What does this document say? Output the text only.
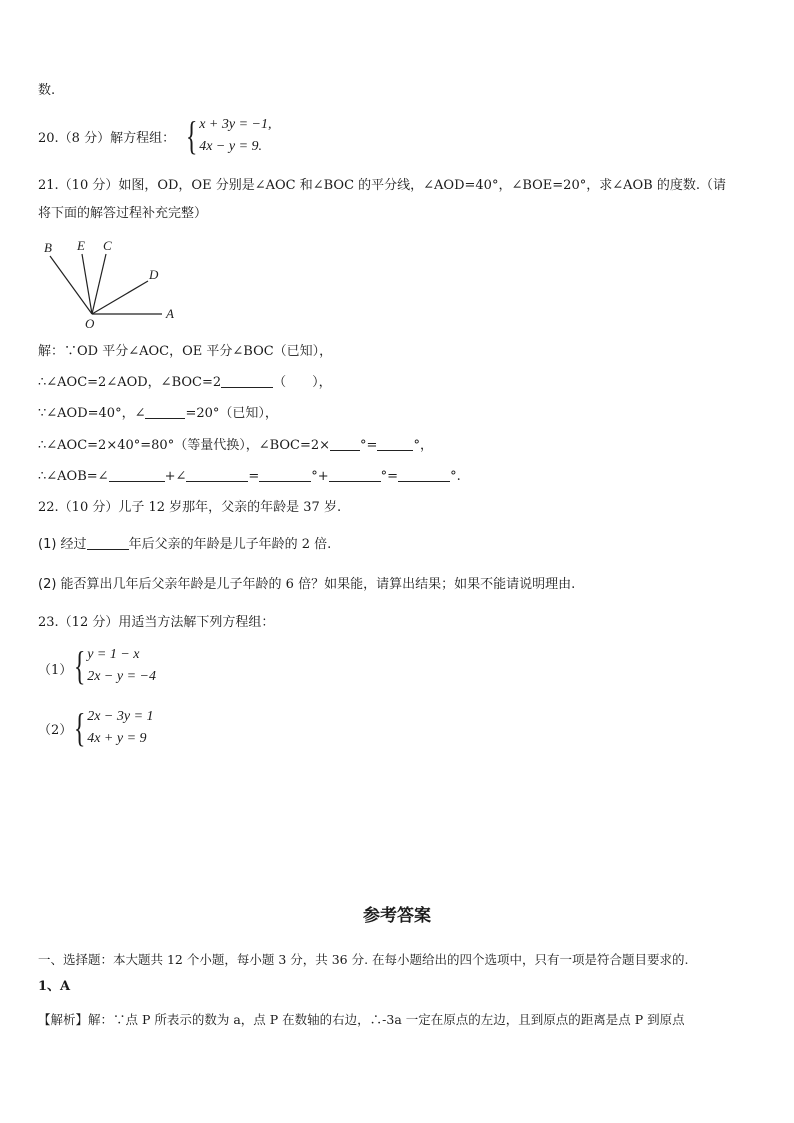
数.
20.（8 分）解方程组： { x + 3y = −1,
4x − y = 9.
21.（10 分）如图，OD，OE 分别是∠AOC 和∠BOC 的平分线，∠AOD=40°，∠BOE=20°，求∠AOB 的度数.（请
将下面的解答过程补充完整）
B E C
D
A
O
解：∵OD 平分∠AOC，OE 平分∠BOC（已知），
∴∠AOC=2∠AOD，∠BOC=2	（　　），
∵∠AOD=40°，∠	=20°（已知），
∴∠AOC=2×40°=80°（等量代换），∠BOC=2× °=	°，
∴∠AOB=∠	+∠	=	°+	°=	°.
22.（10 分）儿子 12 岁那年，父亲的年龄是 37 岁.
(1) 经过	年后父亲的年龄是儿子年龄的 2 倍.
(2) 能否算出几年后父亲年龄是儿子年龄的 6 倍？如果能，请算出结果；如果不能请说明理由.
23.（12 分）用适当方法解下列方程组：
（1） { y = 1 − x
2x − y = −4
（2） { 2x − 3y = 1
4x + y = 9
参考答案
一、选择题：本大题共 12 个小题，每小题 3 分，共 36 分. 在每小题给出的四个选项中，只有一项是符合题目要求的.
1、A
【解析】解：∵点 P 所表示的数为 a，点 P 在数轴的右边，∴-3a 一定在原点的左边，且到原点的距离是点 P 到原点
